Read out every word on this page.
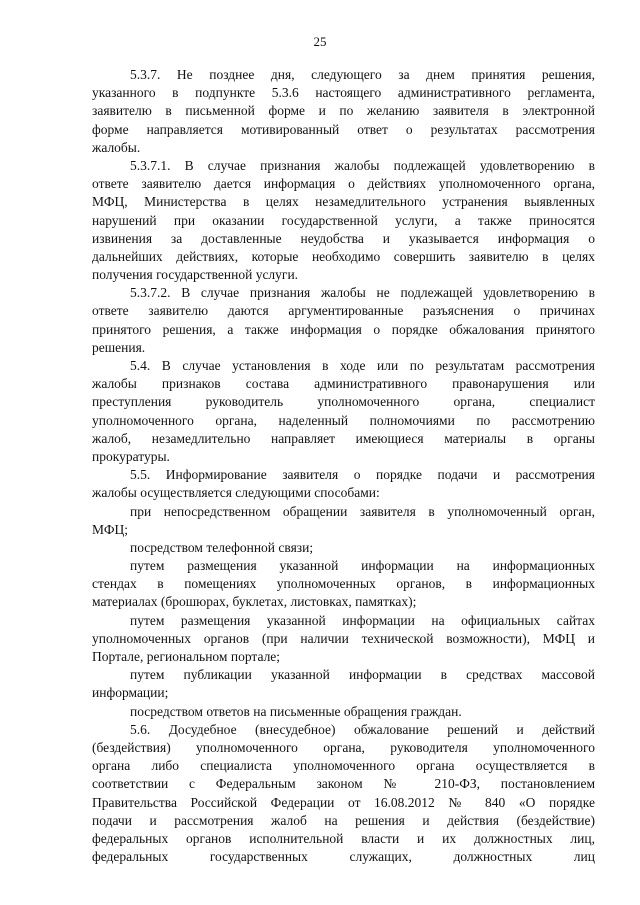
25
5.3.7. Не позднее дня, следующего за днем принятия решения,
указанного в подпункте 5.3.6 настоящего административного регламента,
заявителю в письменной форме и по желанию заявителя в электронной
форме направляется мотивированный ответ о результатах рассмотрения
жалобы.
5.3.7.1. В случае признания жалобы подлежащей удовлетворению в
ответе заявителю дается информация о действиях уполномоченного органа,
МФЦ, Министерства в целях незамедлительного устранения выявленных
нарушений при оказании государственной услуги, а также приносятся
извинения за доставленные неудобства и указывается информация о
дальнейших действиях, которые необходимо совершить заявителю в целях
получения государственной услуги.
5.3.7.2. В случае признания жалобы не подлежащей удовлетворению в
ответе заявителю даются аргументированные разъяснения о причинах
принятого решения, а также информация о порядке обжалования принятого
решения.
5.4. В случае установления в ходе или по результатам рассмотрения
жалобы признаков состава административного правонарушения или
преступления руководитель уполномоченного органа, специалист
уполномоченного органа, наделенный полномочиями по рассмотрению
жалоб, незамедлительно направляет имеющиеся материалы в органы
прокуратуры.
5.5. Информирование заявителя о порядке подачи и рассмотрения
жалобы осуществляется следующими способами:
при непосредственном обращении заявителя в уполномоченный орган,
МФЦ;
посредством телефонной связи;
путем размещения указанной информации на информационных
стендах в помещениях уполномоченных органов, в информационных
материалах (брошюрах, буклетах, листовках, памятках);
путем размещения указанной информации на официальных сайтах
уполномоченных органов (при наличии технической возможности), МФЦ и
Портале, региональном портале;
путем публикации указанной информации в средствах массовой
информации;
посредством ответов на письменные обращения граждан.
5.6. Досудебное (внесудебное) обжалование решений и действий
(бездействия) уполномоченного органа, руководителя уполномоченного
органа либо специалиста уполномоченного органа осуществляется в
соответствии с Федеральным законом № 210-ФЗ, постановлением
Правительства Российской Федерации от 16.08.2012 № 840 «О порядке
подачи и рассмотрения жалоб на решения и действия (бездействие)
федеральных органов исполнительной власти и их должностных лиц,
федеральных государственных служащих, должностных лиц
